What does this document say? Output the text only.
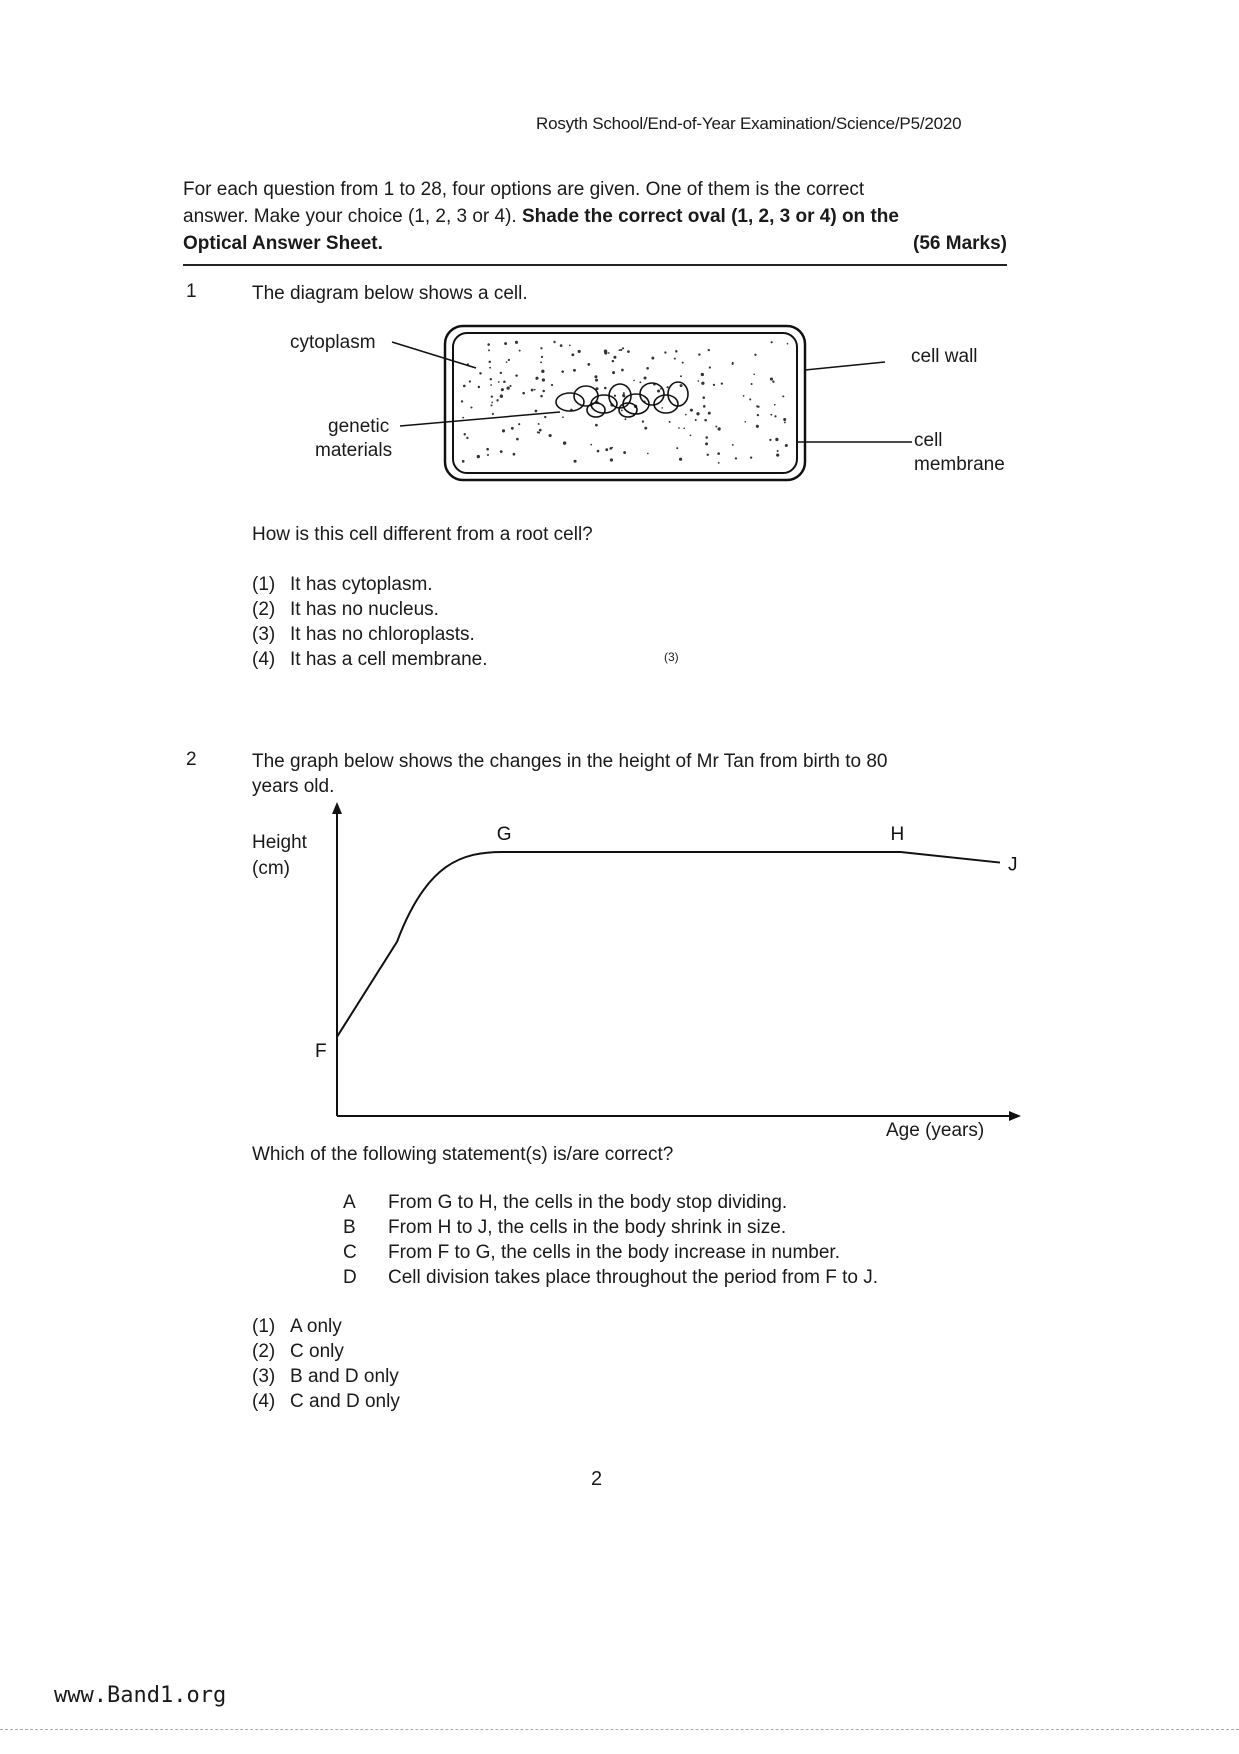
Rosyth School/End-of-Year Examination/Science/P5/2020

For each question from 1 to 28, four options are given. One of them is the correct

answer. Make your choice (1, 2, 3 or 4). Shade the correct oval (1, 2, 3 or 4) on the

Optical Answer Sheet.	(56 Marks)

1	The diagram below shows a cell.
cytoplasm
genetic
materials
cell wall
cell
membrane
How is this cell different from a root cell?
(1) It has cytoplasm.
(2) It has no nucleus.
(3) It has no chloroplasts.
(4) It has a cell membrane.	(3)
2	The graph below shows the changes in the height of Mr Tan from birth to 80
years old.
F
G	H
J
Height
(cm)
Age (years)
Which of the following statement(s) is/are correct?
A From G to H, the cells in the body stop dividing.
B From H to J, the cells in the body shrink in size.
C From F to G, the cells in the body increase in number.
D Cell division takes place throughout the period from F to J.
(1) A only
(2) C only
(3) B and D only
(4) C and D only
2
www.Band1.org
